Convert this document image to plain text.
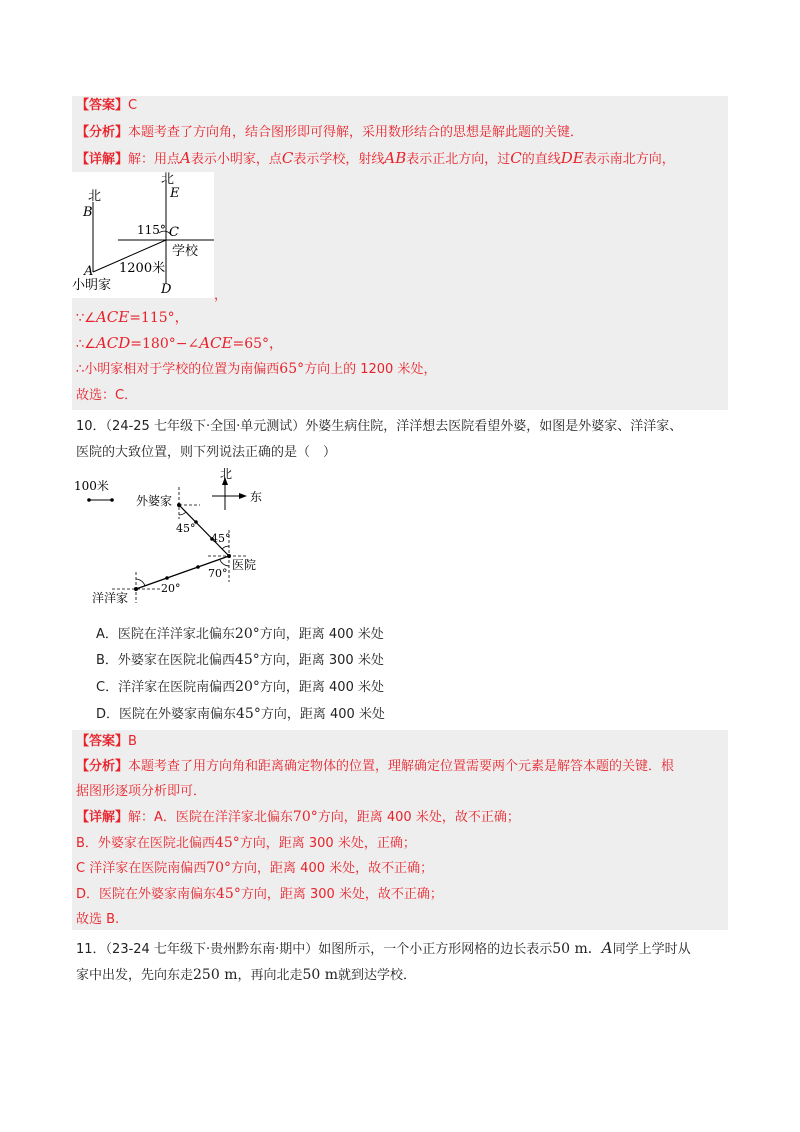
【答案】C
【分析】本题考查了方向角，结合图形即可得解，采用数形结合的思想是解此题的关键．
【详解】解：用点A表示小明家，点C表示学校，射线AB表示正北方向，过C的直线DE表示南北方向，
北
B
北
E
115° C
学校
1200米
A
小明家	D	，
∵∠ACE=115°，
∴∠ACD=180°−∠ACE=65°，
∴小明家相对于学校的位置为南偏西65°方向上的 1200 米处，
故选：C．
10．（24-25 七年级下·全国·单元测试）外婆生病住院，洋洋想去医院看望外婆，如图是外婆家、洋洋家、
医院的大致位置，则下列说法正确的是（　）
100米
北
东
外婆家
45°
45°
70°
医院
20°
洋洋家
A．医院在洋洋家北偏东20°方向，距离 400 米处
B．外婆家在医院北偏西45°方向，距离 300 米处
C．洋洋家在医院南偏西20°方向，距离 400 米处
D．医院在外婆家南偏东45°方向，距离 400 米处
【答案】B
【分析】本题考查了用方向角和距离确定物体的位置，理解确定位置需要两个元素是解答本题的关键．根
据图形逐项分析即可．
【详解】解：A．医院在洋洋家北偏东70°方向，距离 400 米处，故不正确；
B．外婆家在医院北偏西45°方向，距离 300 米处，正确；
C 洋洋家在医院南偏西70°方向，距离 400 米处，故不正确；
D．医院在外婆家南偏东45°方向，距离 300 米处，故不正确；
故选 B.
11．（23-24 七年级下·贵州黔东南·期中）如图所示，一个小正方形网格的边长表示50 m．A同学上学时从
家中出发，先向东走250 m，再向北走50 m就到达学校．
